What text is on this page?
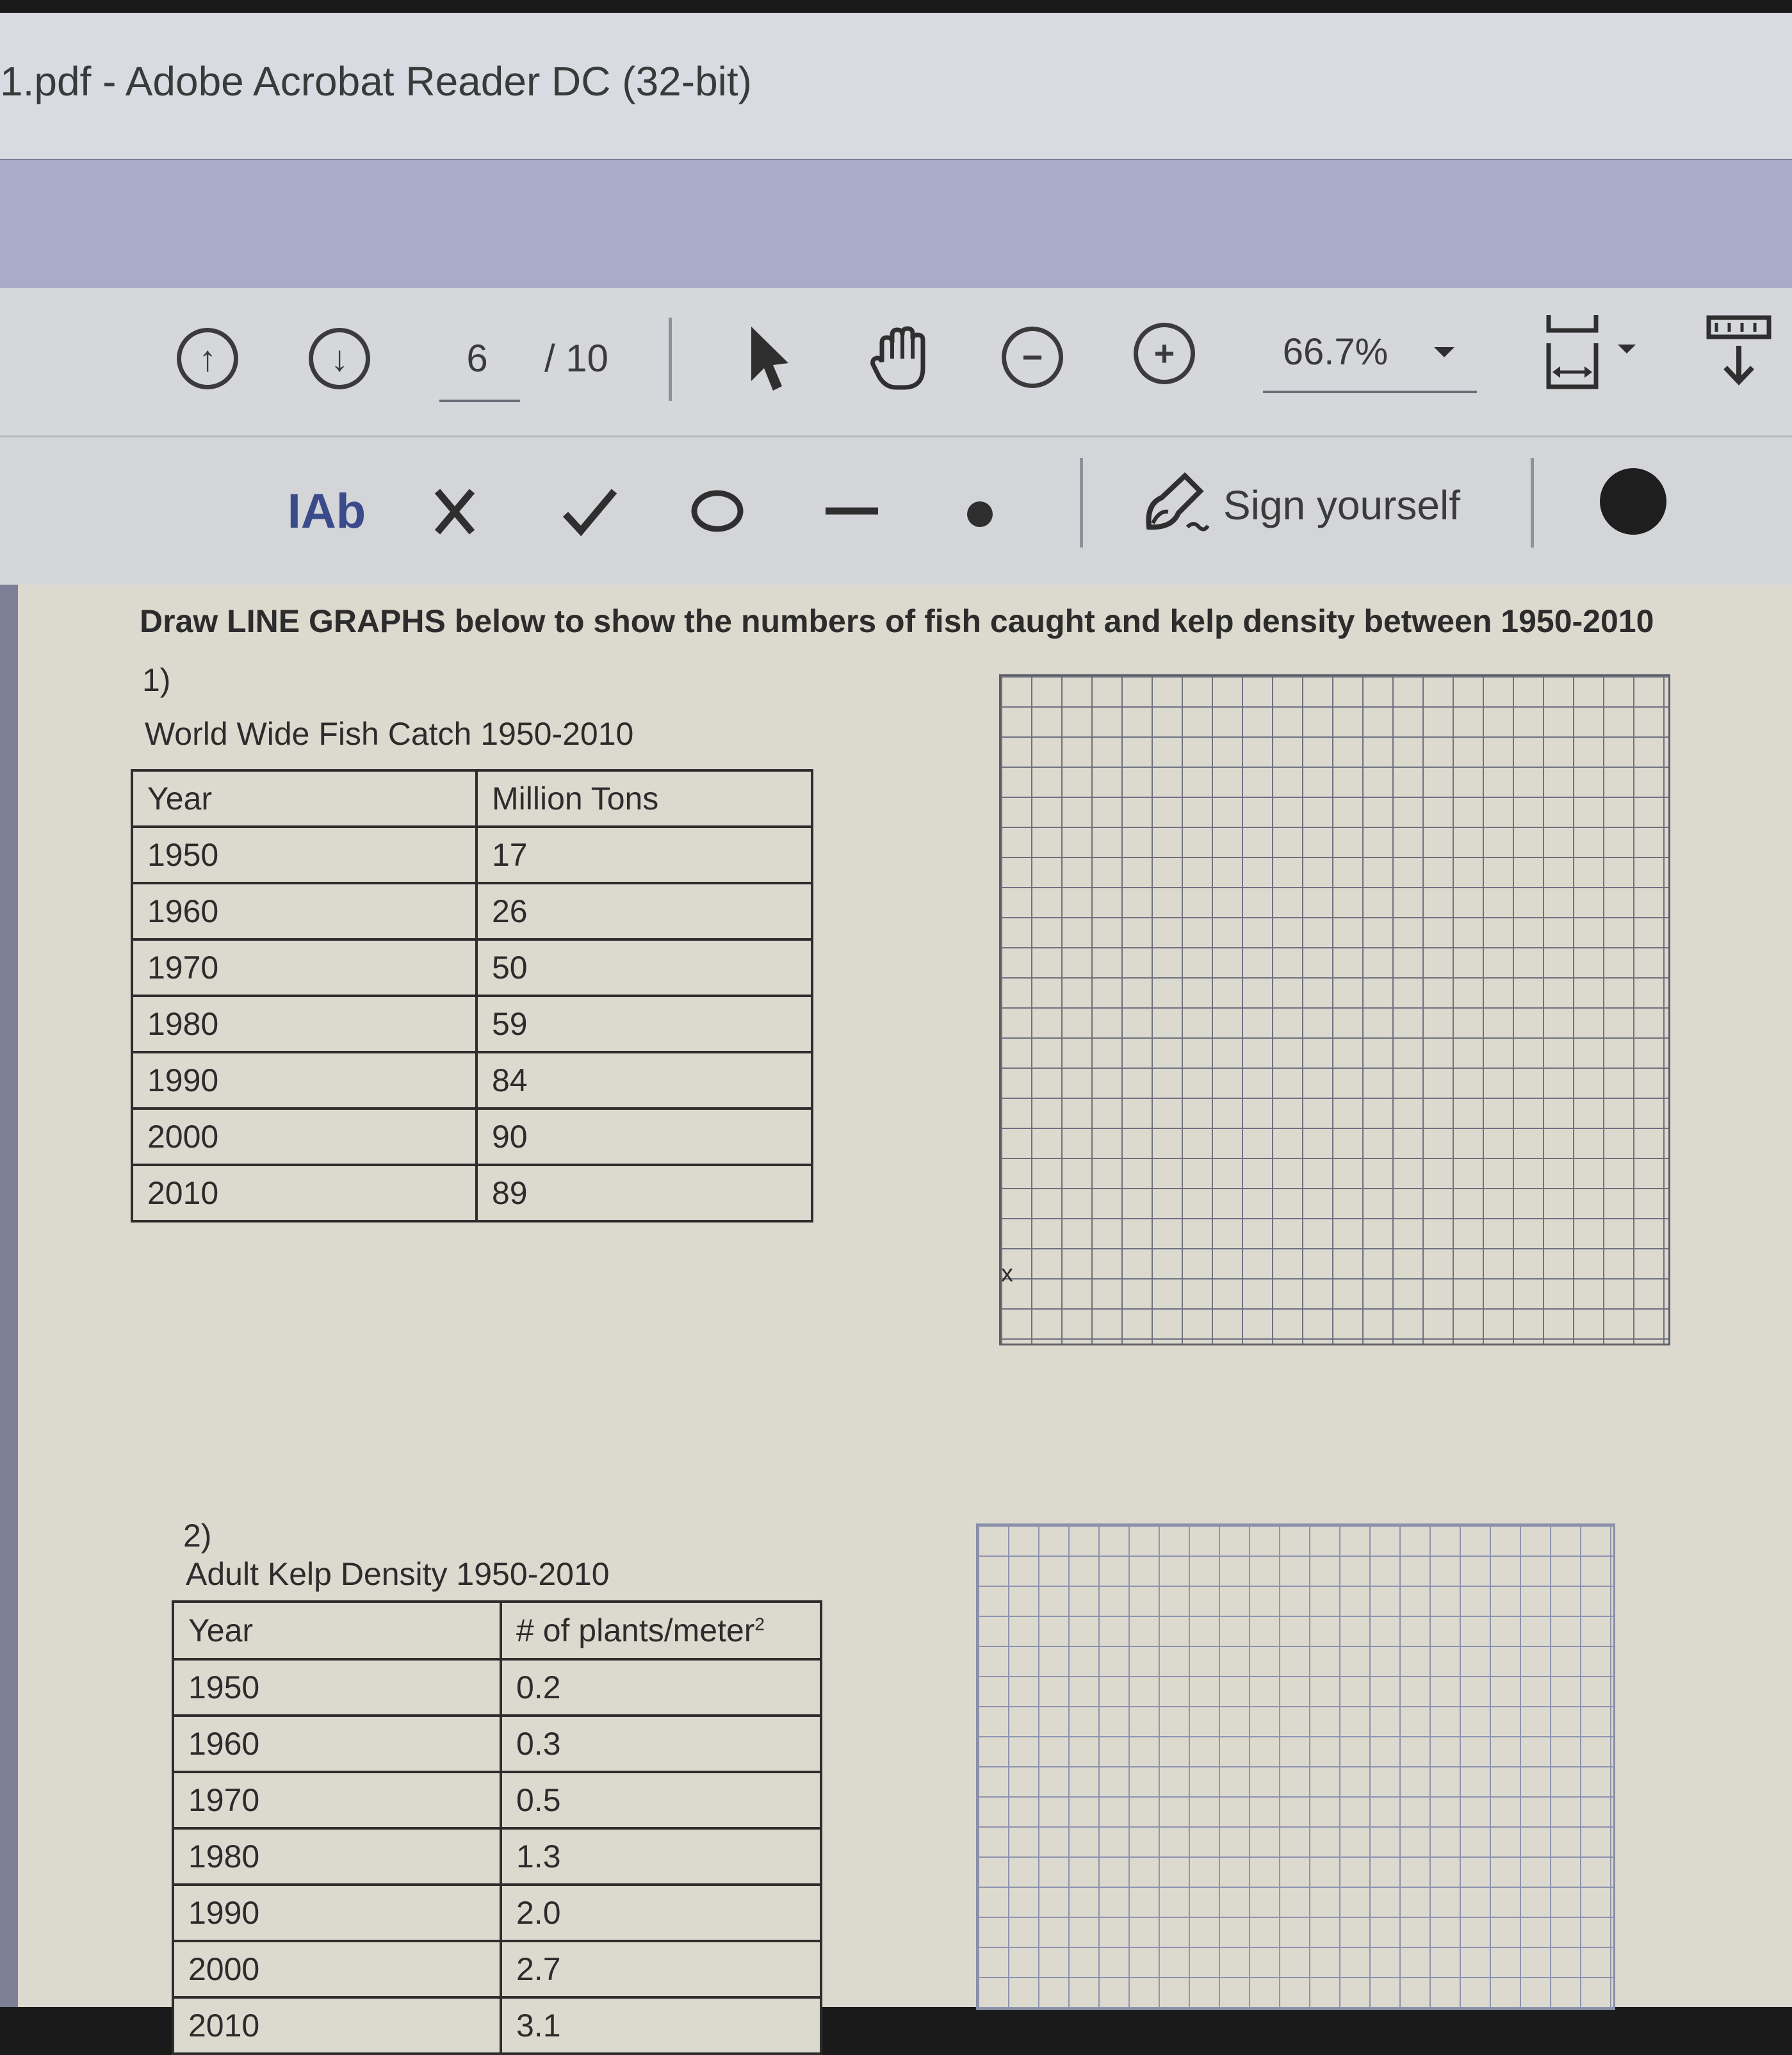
1.pdf - Adobe Acrobat Reader DC (32-bit)
↑	↓	6	/ 10	−	+	66.7%
IAb	Sign yourself
Draw LINE GRAPHS below to show the numbers of fish caught and kelp density between 1950-2010
1)
World Wide Fish Catch 1950-2010
Year	Million Tons
1950	17
1960	26
1970	50
1980	59
1990	84
2000	90
2010	89
x
2)
Adult Kelp Density 1950-2010
Year	# of plants/meter$^2$
1950	0.2
1960	0.3
1970	0.5
1980	1.3
1990	2.0
2000	2.7
2010	3.1
